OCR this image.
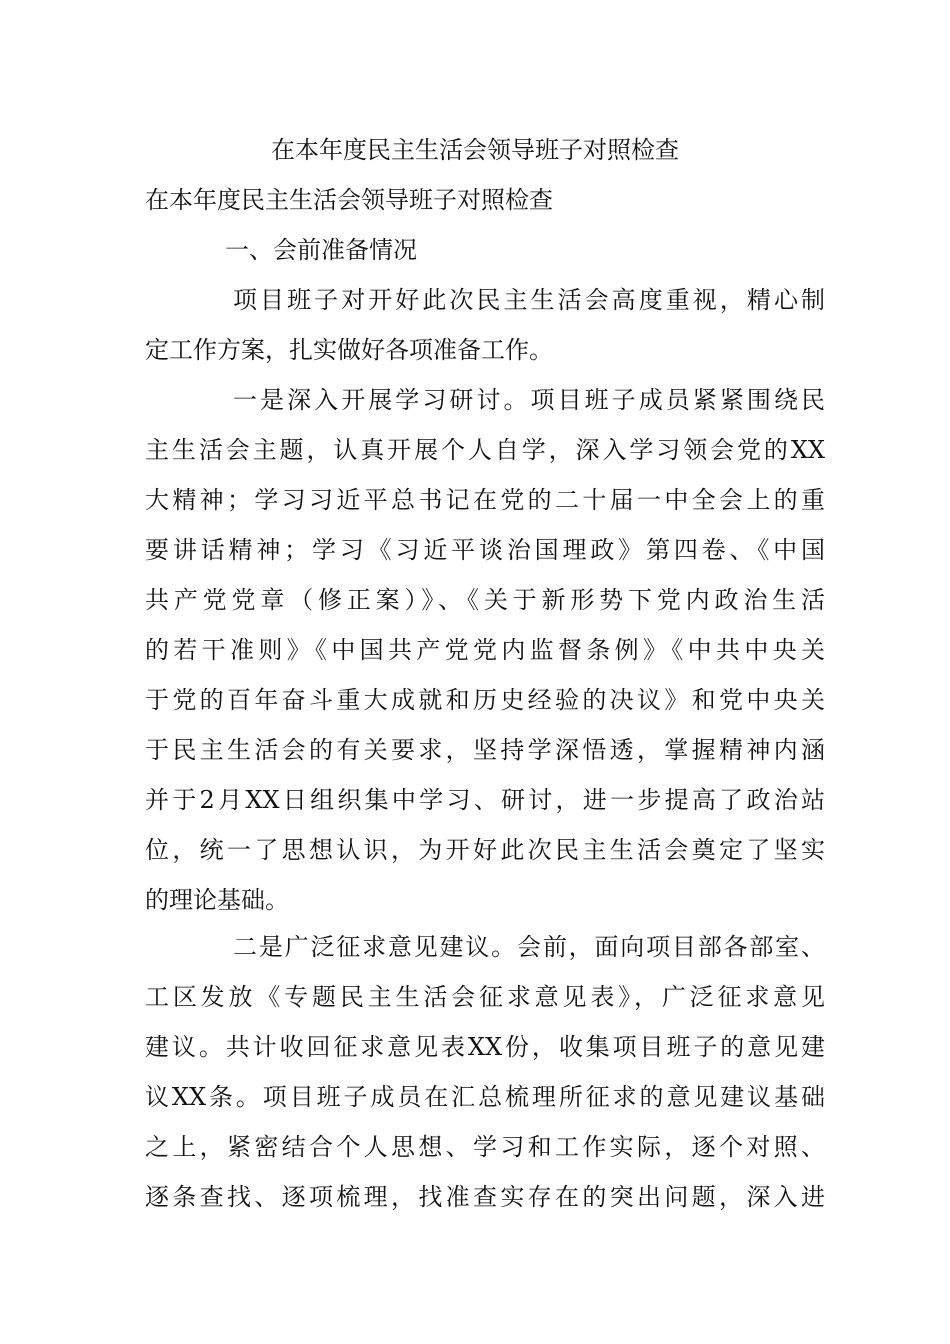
在本年度民主生活会领导班子对照检查
在本年度民主生活会领导班子对照检查
一、会前准备情况
项目班子对开好此次民主生活会高度重视，精心制
定工作方案，扎实做好各项准备工作。
一是深入开展学习研讨。项目班子成员紧紧围绕民
主生活会主题，认真开展个人自学，深入学习领会党的XX
大精神；学习习近平总书记在党的二十届一中全会上的重
要讲话精神；学习《习近平谈治国理政》第四卷、《中国
共产党党章（修正案）》、《关于新形势下党内政治生活
的若干准则》《中国共产党党内监督条例》《中共中央关
于党的百年奋斗重大成就和历史经验的决议》和党中央关
于民主生活会的有关要求，坚持学深悟透，掌握精神内涵
并于2月XX日组织集中学习、研讨，进一步提高了政治站
位，统一了思想认识，为开好此次民主生活会奠定了坚实
的理论基础。
二是广泛征求意见建议。会前，面向项目部各部室、
工区发放《专题民主生活会征求意见表》，广泛征求意见
建议。共计收回征求意见表XX份，收集项目班子的意见建
议XX条。项目班子成员在汇总梳理所征求的意见建议基础
之上，紧密结合个人思想、学习和工作实际，逐个对照、
逐条查找、逐项梳理，找准查实存在的突出问题，深入进
